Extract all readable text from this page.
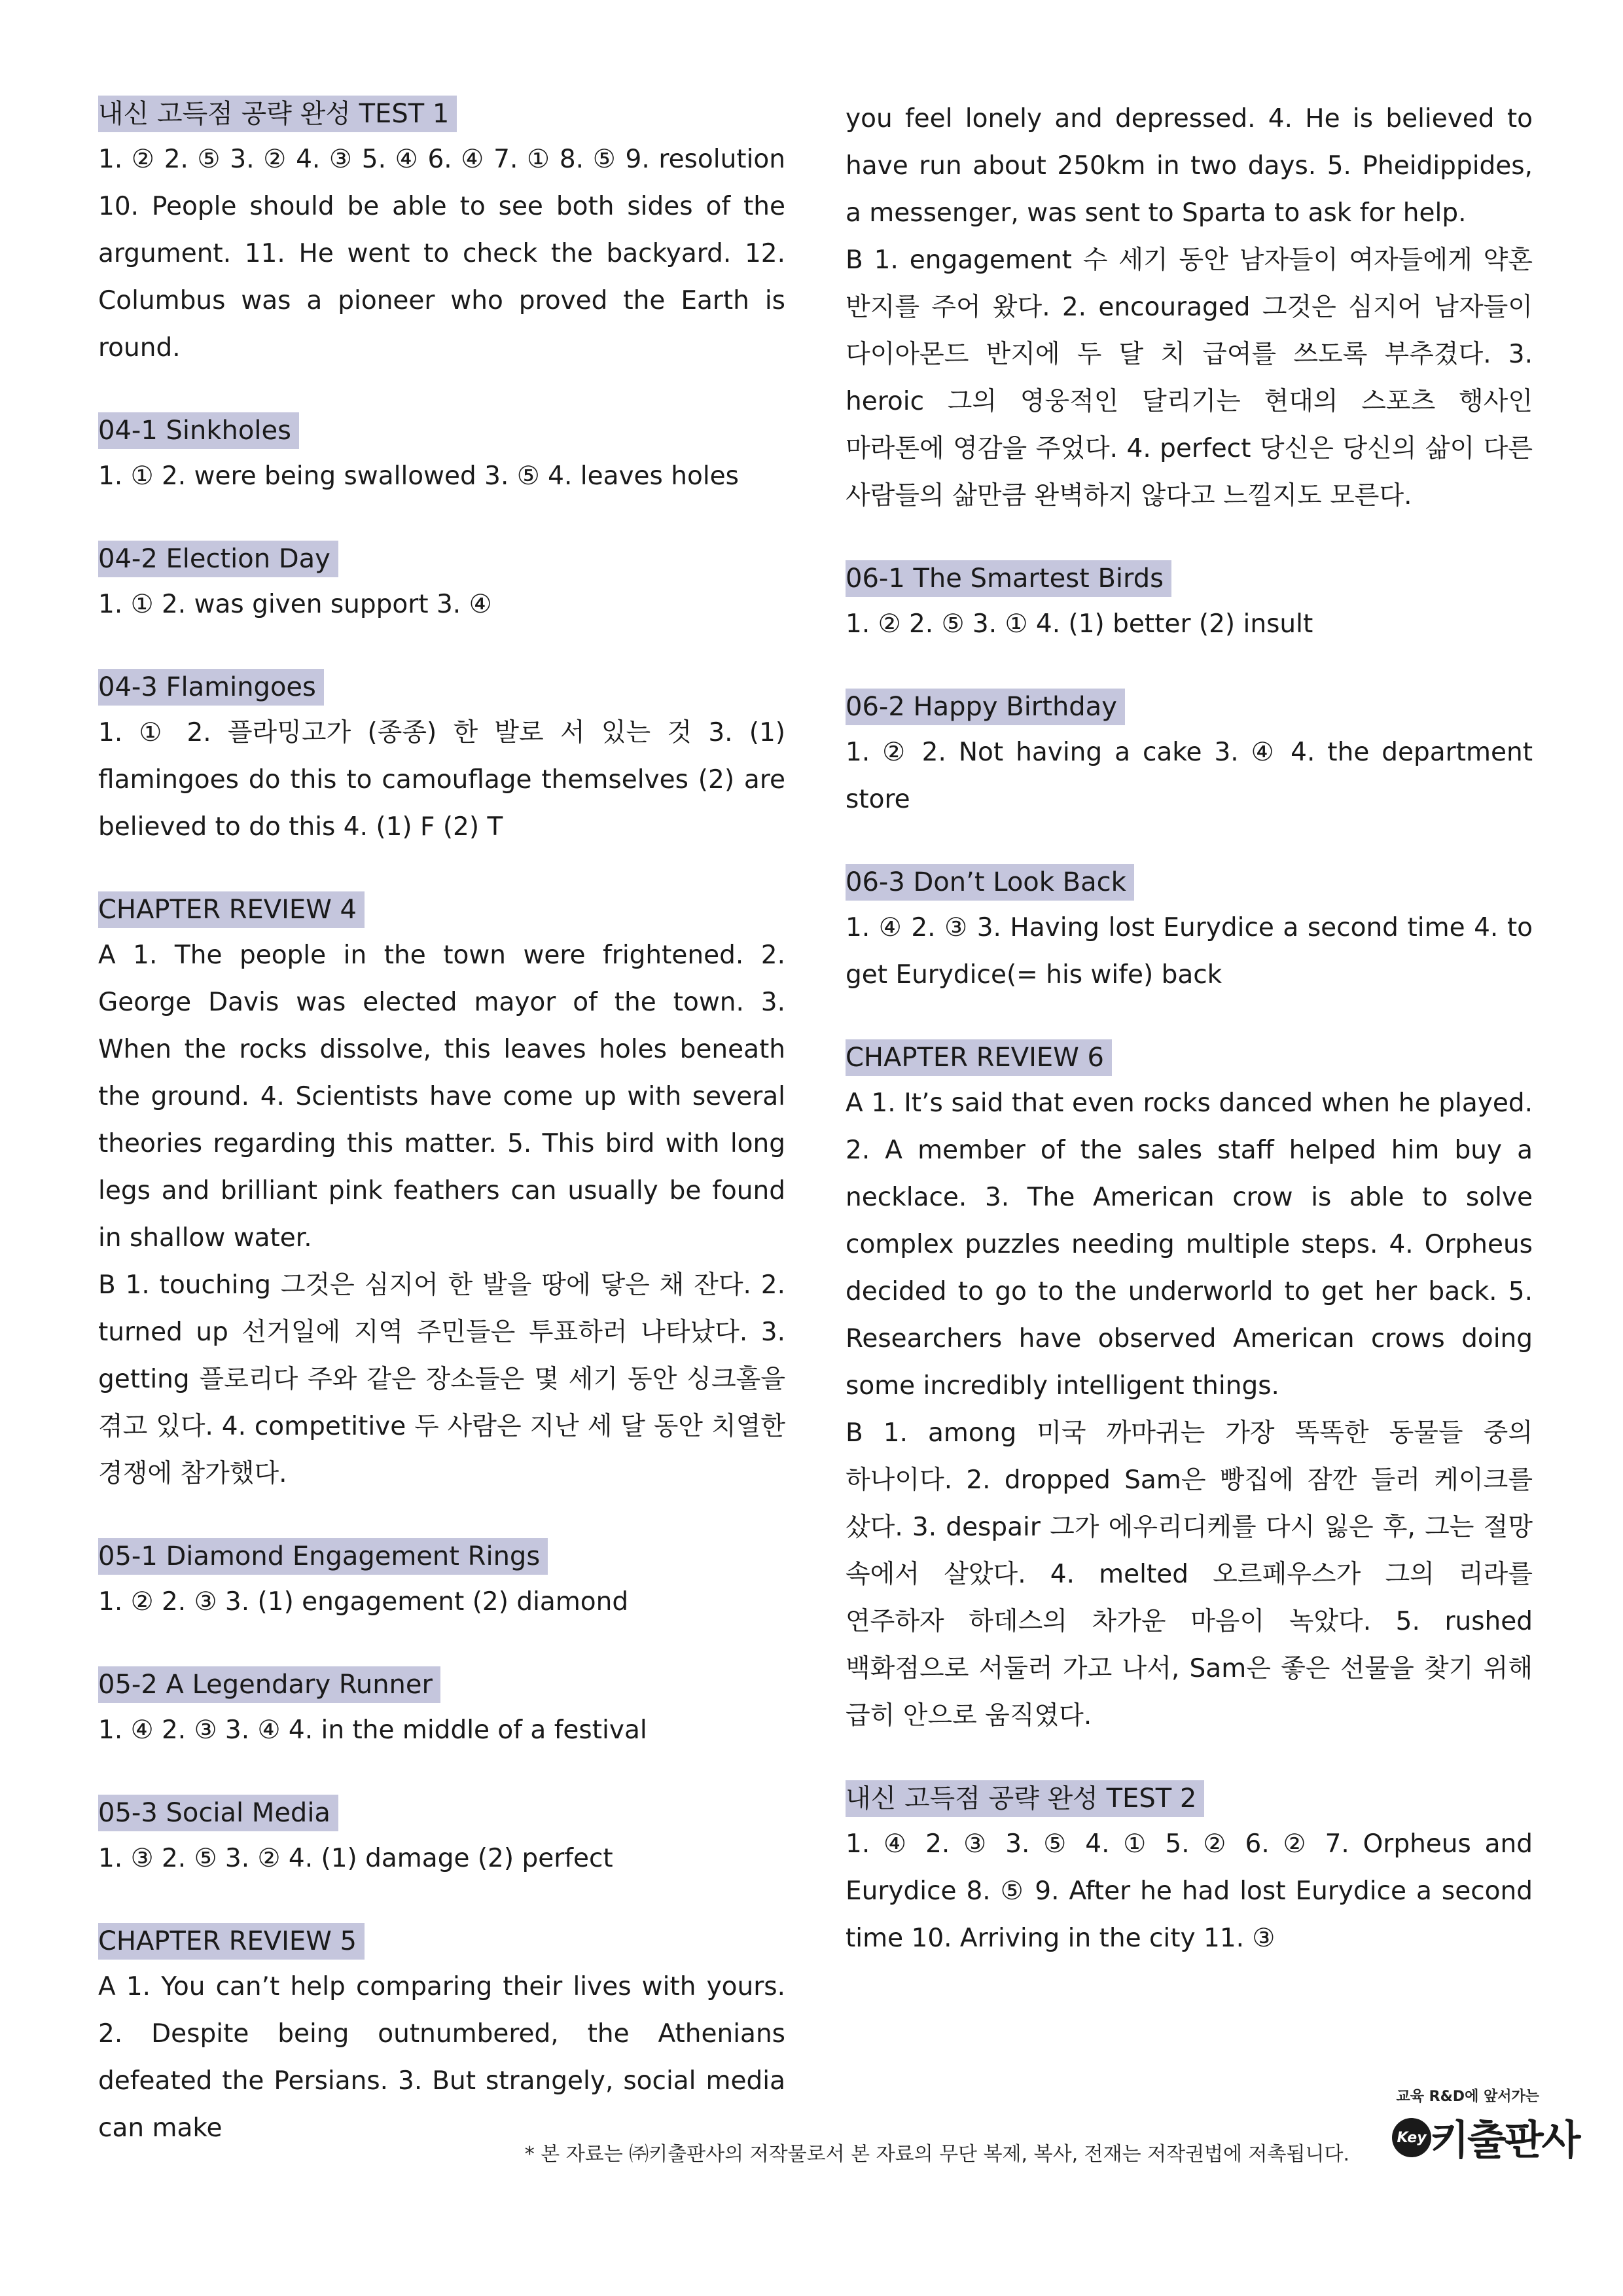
내신 고득점 공략 완성 TEST 1

1. ② 2. ⑤ 3. ② 4. ③ 5. ④ 6. ④ 7. ① 8. ⑤ 9. resolution 10. People should be able to see both sides of the argument. 11. He went to check the backyard. 12. Columbus was a pioneer who proved the Earth is round.

04-1 Sinkholes

1. ① 2. were being swallowed 3. ⑤ 4. leaves holes

04-2 Election Day

1. ① 2. was given support 3. ④

04-3 Flamingoes

1. ① 2. 플라밍고가 (종종) 한 발로 서 있는 것 3. (1) flamingoes do this to camouflage themselves (2) are believed to do this 4. (1) F (2) T

CHAPTER REVIEW 4

A 1. The people in the town were frightened. 2. George Davis was elected mayor of the town. 3. When the rocks dissolve, this leaves holes beneath the ground. 4. Scientists have come up with several theories regarding this matter. 5. This bird with long legs and brilliant pink feathers can usually be found in shallow water.

B 1. touching 그것은 심지어 한 발을 땅에 닿은 채 잔다. 2. turned up 선거일에 지역 주민들은 투표하러 나타났다. 3. getting 플로리다 주와 같은 장소들은 몇 세기 동안 싱크홀을 겪고 있다. 4. competitive 두 사람은 지난 세 달 동안 치열한 경쟁에 참가했다.

05-1 Diamond Engagement Rings

1. ② 2. ③ 3. (1) engagement (2) diamond

05-2 A Legendary Runner

1. ④ 2. ③ 3. ④ 4. in the middle of a festival

05-3 Social Media

1. ③ 2. ⑤ 3. ② 4. (1) damage (2) perfect

CHAPTER REVIEW 5

A 1. You can’t help comparing their lives with yours. 2. Despite being outnumbered, the Athenians defeated the Persians. 3. But strangely, social media can make

you feel lonely and depressed. 4. He is believed to have run about 250km in two days. 5. Pheidippides, a messenger, was sent to Sparta to ask for help.

B 1. engagement 수 세기 동안 남자들이 여자들에게 약혼 반지를 주어 왔다. 2. encouraged 그것은 심지어 남자들이 다이아몬드 반지에 두 달 치 급여를 쓰도록 부추겼다. 3. heroic 그의 영웅적인 달리기는 현대의 스포츠 행사인 마라톤에 영감을 주었다. 4. perfect 당신은 당신의 삶이 다른 사람들의 삶만큼 완벽하지 않다고 느낄지도 모른다.

06-1 The Smartest Birds

1. ② 2. ⑤ 3. ① 4. (1) better (2) insult

06-2 Happy Birthday

1. ② 2. Not having a cake 3. ④ 4. the department store

06-3 Don’t Look Back

1. ④ 2. ③ 3. Having lost Eurydice a second time 4. to get Eurydice(= his wife) back

CHAPTER REVIEW 6

A 1. It’s said that even rocks danced when he played. 2. A member of the sales staff helped him buy a necklace. 3. The American crow is able to solve complex puzzles needing multiple steps. 4. Orpheus decided to go to the underworld to get her back. 5. Researchers have observed American crows doing some incredibly intelligent things.

B 1. among 미국 까마귀는 가장 똑똑한 동물들 중의 하나이다. 2. dropped Sam은 빵집에 잠깐 들러 케이크를 샀다. 3. despair 그가 에우리디케를 다시 잃은 후, 그는 절망 속에서 살았다. 4. melted 오르페우스가 그의 리라를 연주하자 하데스의 차가운 마음이 녹았다. 5. rushed 백화점으로 서둘러 가고 나서, Sam은 좋은 선물을 찾기 위해 급히 안으로 움직였다.

내신 고득점 공략 완성 TEST 2

1. ④ 2. ③ 3. ⑤ 4. ① 5. ② 6. ② 7. Orpheus and Eurydice 8. ⑤ 9. After he had lost Eurydice a second time 10. Arriving in the city 11. ③

* 본 자료는 ㈜키출판사의 저작물로서 본 자료의 무단 복제, 복사, 전재는 저작권법에 저촉됩니다.
교육 R&D에 앞서가는
Key 키출판사
